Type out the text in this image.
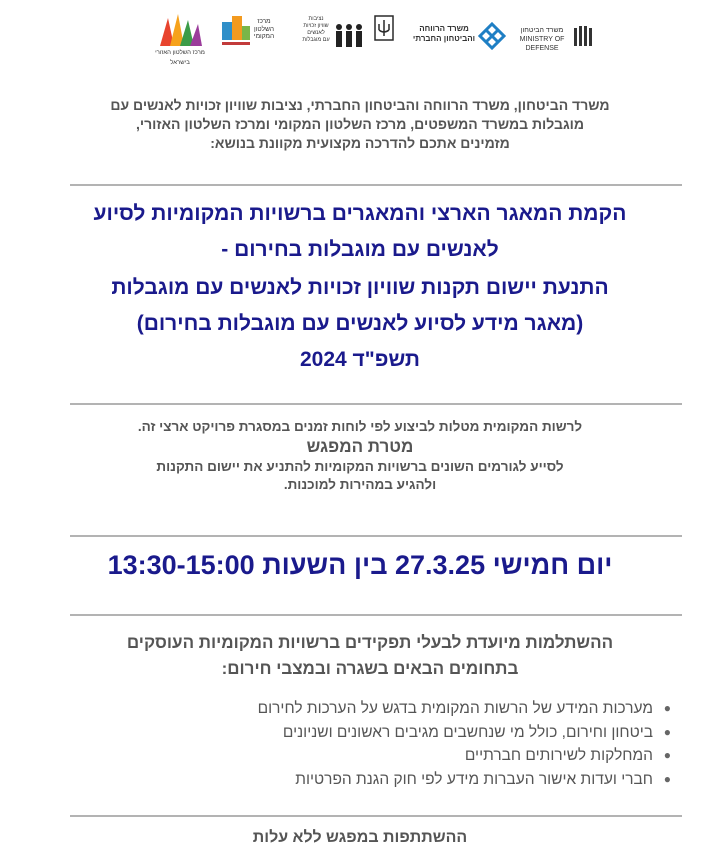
מרכז השלטון האזורי בישראל
מרכז
השלטון
המקומי
נציבות
שוויון זכויות
לאנשים
עם מוגבלות
משרד הרווחה
והביטחון החברתי
משרד הביטחון
MINISTRY OF DEFENSE
משרד הביטחון, משרד הרווחה והביטחון החברתי, נציבות שוויון זכויות לאנשים עם
מוגבלות במשרד המשפטים, מרכז השלטון המקומי ומרכז השלטון האזורי,
מזמינים אתכם להדרכה מקצועית מקוונת בנושא:
הקמת המאגר הארצי והמאגרים ברשויות המקומיות לסיוע
לאנשים עם מוגבלות בחירום -
התנעת יישום תקנות שוויון זכויות לאנשים עם מוגבלות
(מאגר מידע לסיוע לאנשים עם מוגבלות בחירום)
תשפ"ד 2024
לרשות המקומית מטלות לביצוע לפי לוחות זמנים במסגרת פרויקט ארצי זה.
מטרת המפגש
לסייע לגורמים השונים ברשויות המקומיות להתניע את יישום התקנות
ולהגיע במהירות למוכנות.
יום חמישי 27.3.25 בין השעות 13:30-15:00
ההשתלמות מיועדת לבעלי תפקידים ברשויות המקומיות העוסקים
בתחומים הבאים בשגרה ובמצבי חירום:
●
מערכות המידע של הרשות המקומית בדגש על הערכות לחירום
●
ביטחון וחירום, כולל מי שנחשבים מגיבים ראשונים ושניונים
●
המחלקות לשירותים חברתיים
●
חברי ועדות אישור העברות מידע לפי חוק הגנת הפרטיות
ההשתתפות במפגש ללא עלות
